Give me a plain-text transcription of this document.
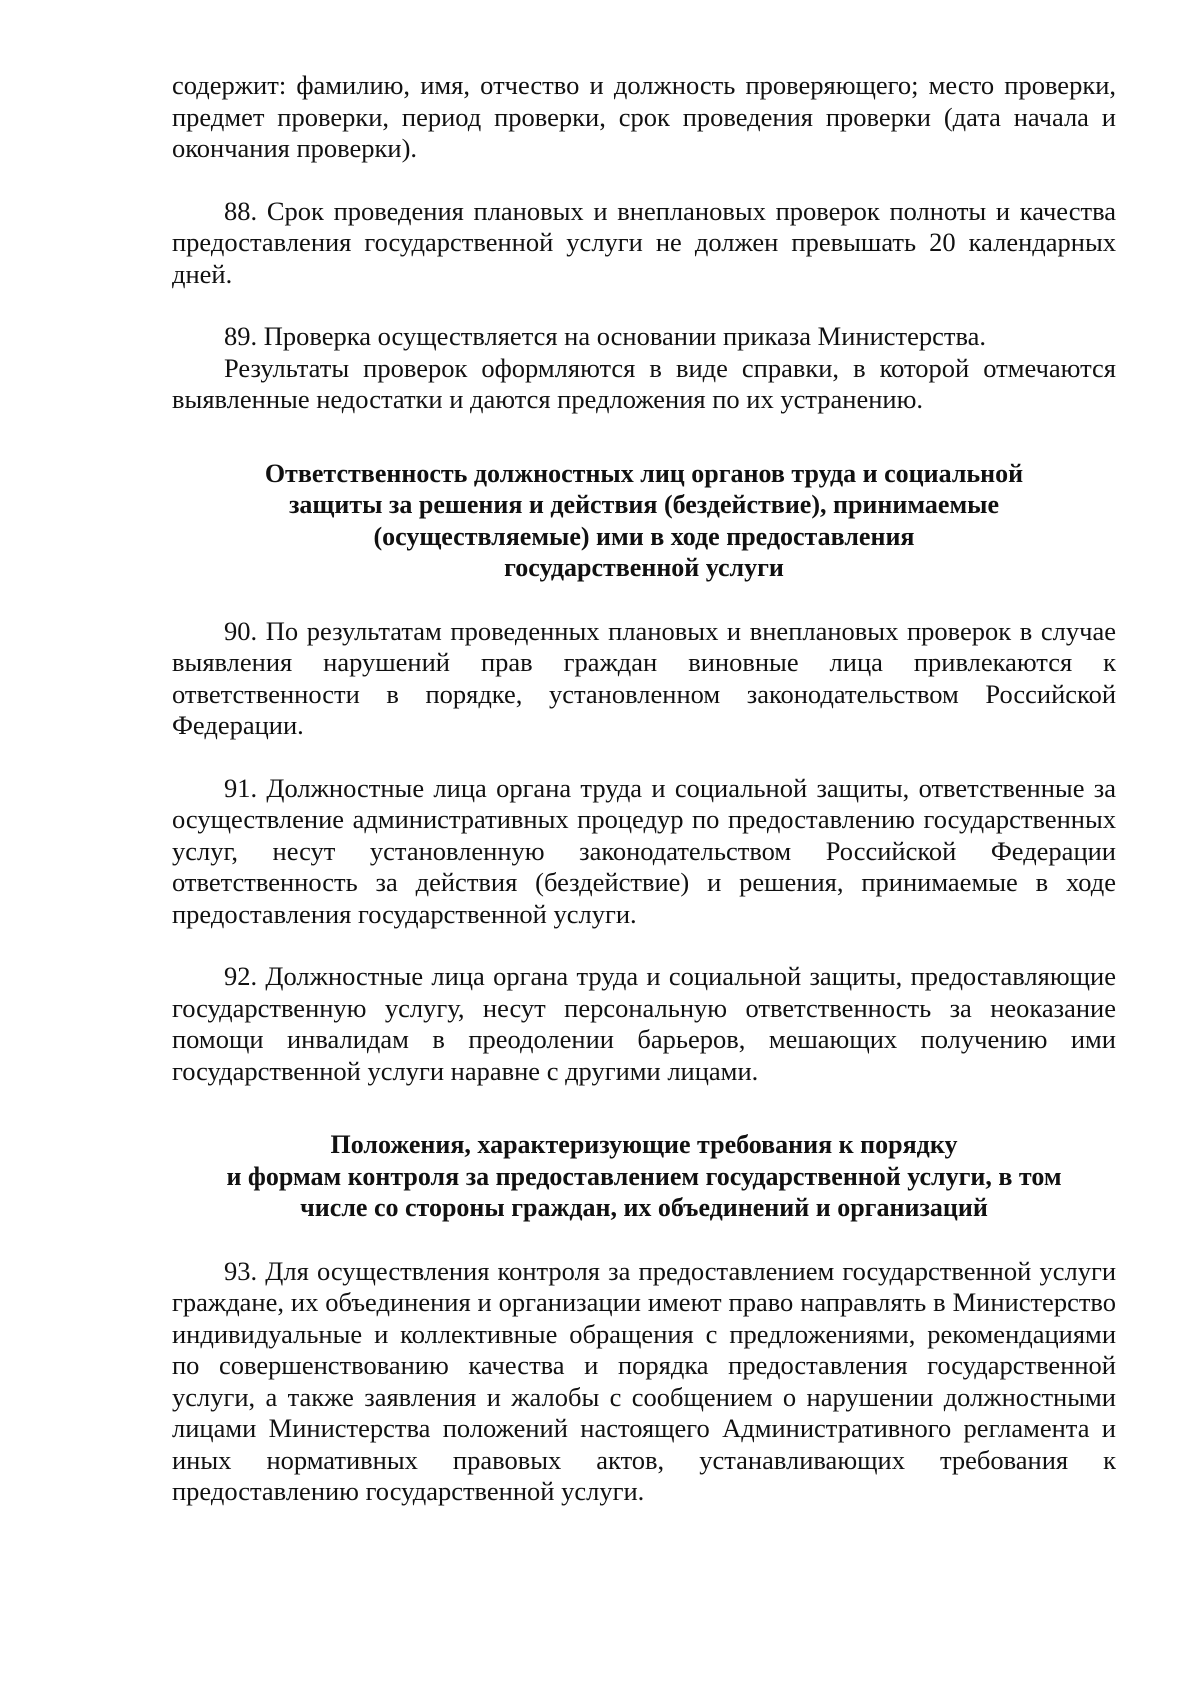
содержит: фамилию, имя, отчество и должность проверяющего; место проверки, предмет проверки, период проверки, срок проведения проверки (дата начала и окончания проверки).

88. Срок проведения плановых и внеплановых проверок полноты и качества предоставления государственной услуги не должен превышать 20 календарных дней.

89. Проверка осуществляется на основании приказа Министерства.

Результаты проверок оформляются в виде справки, в которой отмечаются выявленные недостатки и даются предложения по их устранению.

Ответственность должностных лиц органов труда и социальной
защиты за решения и действия (бездействие), принимаемые
(осуществляемые) ими в ходе предоставления
государственной услуги

90. По результатам проведенных плановых и внеплановых проверок в случае выявления нарушений прав граждан виновные лица привлекаются к ответственности в порядке, установленном законодательством Российской Федерации.

91. Должностные лица органа труда и социальной защиты, ответственные за осуществление административных процедур по предоставлению государственных услуг, несут установленную законодательством Российской Федерации ответственность за действия (бездействие) и решения, принимаемые в ходе предоставления государственной услуги.

92. Должностные лица органа труда и социальной защиты, предоставляющие государственную услугу, несут персональную ответственность за неоказание помощи инвалидам в преодолении барьеров, мешающих получению ими государственной услуги наравне с другими лицами.

Положения, характеризующие требования к порядку
и формам контроля за предоставлением государственной услуги, в том
числе со стороны граждан, их объединений и организаций

93. Для осуществления контроля за предоставлением государственной услуги граждане, их объединения и организации имеют право направлять в Министерство индивидуальные и коллективные обращения с предложениями, рекомендациями по совершенствованию качества и порядка предоставления государственной услуги, а также заявления и жалобы с сообщением о нарушении должностными лицами Министерства положений настоящего Административного регламента и иных нормативных правовых актов, устанавливающих требования к предоставлению государственной услуги.
